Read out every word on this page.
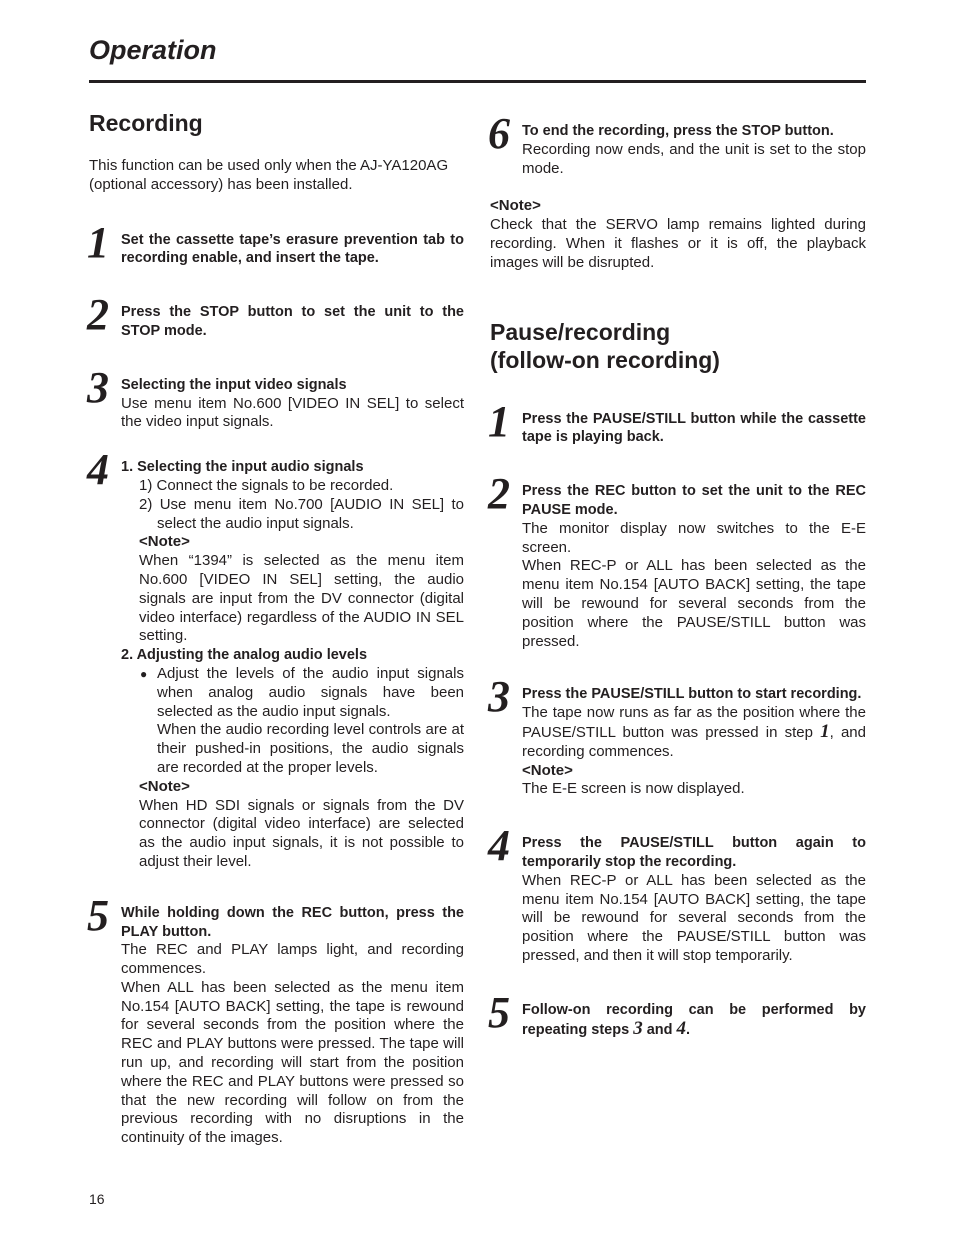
Operation
Recording

This function can be used only when the AJ-YA120AG (optional accessory) has been installed.

1 Set the cassette tape’s erasure prevention tab to recording enable, and insert the tape.

2 Press the STOP button to set the unit to the STOP mode.

3 Selecting the input video signals

Use menu item No.600 [VIDEO IN SEL] to select the video input signals.

4 1. Selecting the input audio signals

1) Connect the signals to be recorded.

2) Use menu item No.700 [AUDIO IN SEL] to select the audio input signals.

<Note>

When “1394” is selected as the menu item No.600 [VIDEO IN SEL] setting, the audio signals are input from the DV connector (digital video interface) regardless of the AUDIO IN SEL setting.

2. Adjusting the analog audio levels

● Adjust the levels of the audio input signals when analog audio signals have been selected as the audio input signals.

When the audio recording level controls are at their pushed-in positions, the audio signals are recorded at the proper levels.

<Note>

When HD SDI signals or signals from the DV connector (digital video interface) are selected as the audio input signals, it is not possible to adjust their level.

5 While holding down the REC button, press the PLAY button.

The REC and PLAY lamps light, and recording commences.

When ALL has been selected as the menu item No.154 [AUTO BACK] setting, the tape is rewound for several seconds from the position where the REC and PLAY buttons were pressed. The tape will run up, and recording will start from the position where the REC and PLAY buttons were pressed so that the new recording will follow on from the previous recording with no disruptions in the continuity of the images.

6 To end the recording, press the STOP button.

Recording now ends, and the unit is set to the stop mode.

<Note>

Check that the SERVO lamp remains lighted during recording. When it flashes or it is off, the playback images will be disrupted.

Pause/recording
(follow-on recording)
1 Press the PAUSE/STILL button while the cassette tape is playing back.

2 Press the REC button to set the unit to the REC PAUSE mode.

The monitor display now switches to the E-E screen.

When REC-P or ALL has been selected as the menu item No.154 [AUTO BACK] setting, the tape will be rewound for several seconds from the position where the PAUSE/STILL button was pressed.

3 Press the PAUSE/STILL button to start recording.

The tape now runs as far as the position where the PAUSE/STILL button was pressed in step 1, and recording commences.

<Note>

The E-E screen is now displayed.

4 Press the PAUSE/STILL button again to temporarily stop the recording.

When REC-P or ALL has been selected as the menu item No.154 [AUTO BACK] setting, the tape will be rewound for several seconds from the position where the PAUSE/STILL button was pressed, and then it will stop temporarily.

5 Follow-on recording can be performed by repeating steps 3 and 4.

16
